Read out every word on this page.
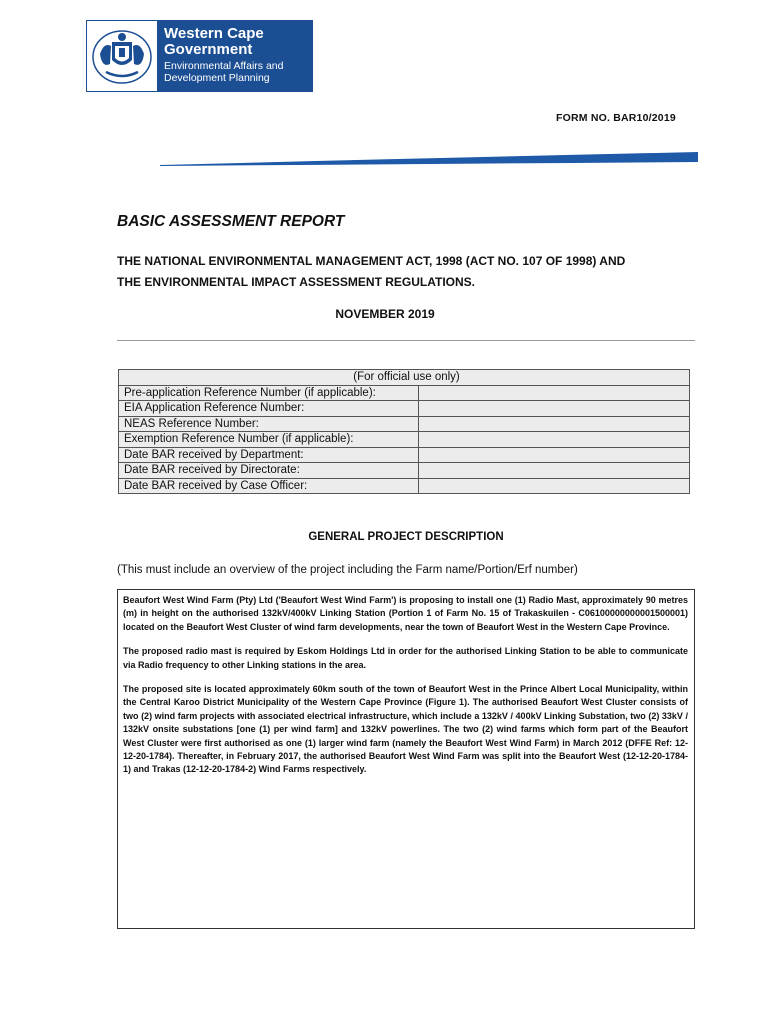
Western Cape
Government
Environmental Affairs and
Development Planning
FORM NO. BAR10/2019
BASIC ASSESSMENT REPORT
THE NATIONAL ENVIRONMENTAL MANAGEMENT ACT, 1998 (ACT NO. 107 OF 1998) AND
THE ENVIRONMENTAL IMPACT ASSESSMENT REGULATIONS.
NOVEMBER 2019
(For official use only)	
Pre-application Reference Number (if applicable):	
EIA Application Reference Number:	
NEAS Reference Number:	
Exemption Reference Number (if applicable):	
Date BAR received by Department:	
Date BAR received by Directorate:	
Date BAR received by Case Officer:	
GENERAL PROJECT DESCRIPTION
(This must include an overview of the project including the Farm name/Portion/Erf number)

Beaufort West Wind Farm (Pty) Ltd ('Beaufort West Wind Farm') is proposing to install one (1) Radio Mast, approximately 90 metres (m) in height on the authorised 132kV/400kV Linking Station (Portion 1 of Farm No. 15 of Trakaskuilen - C06100000000001500001) located on the Beaufort West Cluster of wind farm developments, near the town of Beaufort West in the Western Cape Province.

The proposed radio mast is required by Eskom Holdings Ltd in order for the authorised Linking Station to be able to communicate via Radio frequency to other Linking stations in the area.

The proposed site is located approximately 60km south of the town of Beaufort West in the Prince Albert Local Municipality, within the Central Karoo District Municipality of the Western Cape Province (Figure 1). The authorised Beaufort West Cluster consists of two (2) wind farm projects with associated electrical infrastructure, which include a 132kV / 400kV Linking Substation, two (2) 33kV / 132kV onsite substations [one (1) per wind farm] and 132kV powerlines. The two (2) wind farms which form part of the Beaufort West Cluster were first authorised as one (1) larger wind farm (namely the Beaufort West Wind Farm) in March 2012 (DFFE Ref: 12-12-20-1784). Thereafter, in February 2017, the authorised Beaufort West Wind Farm was split into the Beaufort West (12-12-20-1784-1) and Trakas (12-12-20-1784-2) Wind Farms respectively.
